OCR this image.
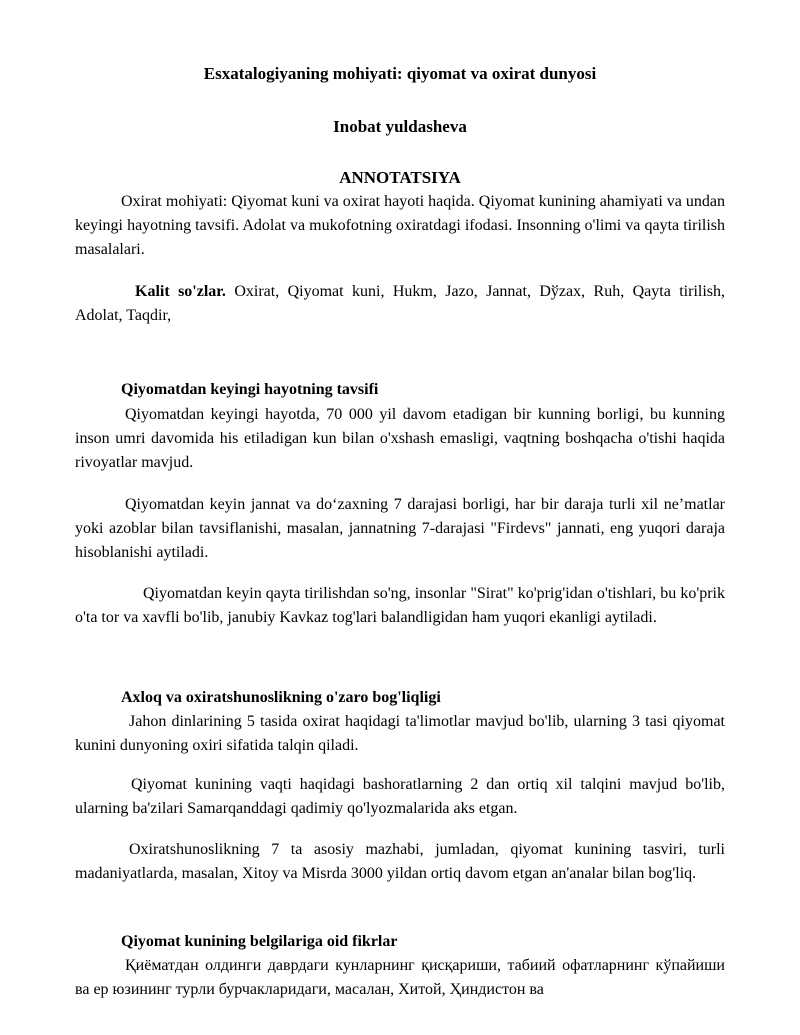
Esxatalogiyaning mohiyati: qiyomat va oxirat dunyosi
Inobat yuldasheva
ANNOTATSIYA

Oxirat mohiyati: Qiyomat kuni va oxirat hayoti haqida. Qiyomat kunining ahamiyati va undan keyingi hayotning tavsifi. Adolat va mukofotning oxiratdagi ifodasi. Insonning o'limi va qayta tirilish masalalari.

Kalit so'zlar. Oxirat, Qiyomat kuni, Hukm, Jazo, Jannat, Dўzax, Ruh, Qayta tirilish, Adolat, Taqdir,

Qiyomatdan keyingi hayotning tavsifi

Qiyomatdan keyingi hayotda, 70 000 yil davom etadigan bir kunning borligi, bu kunning inson umri davomida his etiladigan kun bilan o'xshash emasligi, vaqtning boshqacha o'tishi haqida rivoyatlar mavjud.

Qiyomatdan keyin jannat va do‘zaxning 7 darajasi borligi, har bir daraja turli xil ne’matlar yoki azoblar bilan tavsiflanishi, masalan, jannatning 7-darajasi "Firdevs" jannati, eng yuqori daraja hisoblanishi aytiladi.

Qiyomatdan keyin qayta tirilishdan so'ng, insonlar "Sirat" ko'prig'idan o'tishlari, bu ko'prik o'ta tor va xavfli bo'lib, janubiy Kavkaz tog'lari balandligidan ham yuqori ekanligi aytiladi.

Axloq va oxiratshunoslikning o'zaro bog'liqligi

Jahon dinlarining 5 tasida oxirat haqidagi ta'limotlar mavjud bo'lib, ularning 3 tasi qiyomat kunini dunyoning oxiri sifatida talqin qiladi.

Qiyomat kunining vaqti haqidagi bashoratlarning 2 dan ortiq xil talqini mavjud bo'lib, ularning ba'zilari Samarqanddagi qadimiy qo'lyozmalarida aks etgan.

Oxiratshunoslikning 7 ta asosiy mazhabi, jumladan, qiyomat kunining tasviri, turli madaniyatlarda, masalan, Xitoy va Misrda 3000 yildan ortiq davom etgan an'analar bilan bog'liq.

Qiyomat kunining belgilariga oid fikrlar

Қиёматдан олдинги даврдаги кунларнинг қисқариши, табиий офатларнинг кўпайиши ва ер юзининг турли бурчакларидаги, масалан, Хитой, Ҳиндистон ва
